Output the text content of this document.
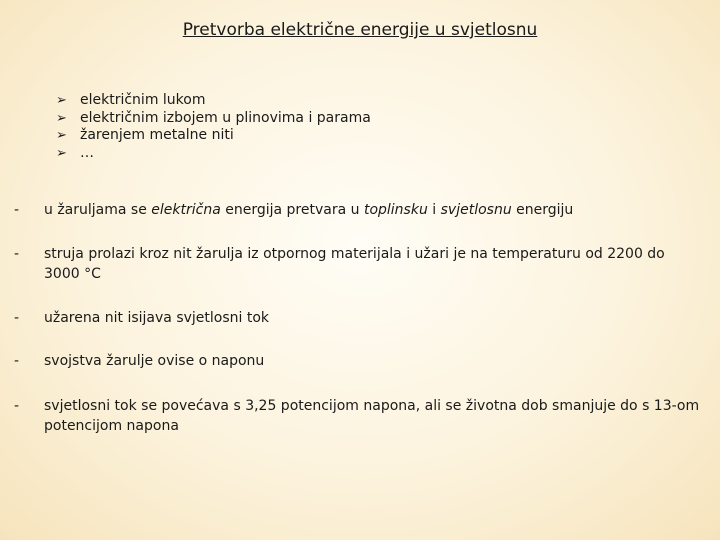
Pretvorba električne energije u svjetlosnu
➢ električnim lukom
➢ električnim izbojem u plinovima i parama
➢ žarenjem metalne niti
➢ …
-	u žaruljama se električna energija pretvara u toplinsku i svjetlosnu energiju
-	struja prolazi kroz nit žarulja iz otpornog materijala i užari je na temperaturu od 2200 do 3000 °C
-	užarena nit isijava svjetlosni tok
-	svojstva žarulje ovise o naponu
-	svjetlosni tok se povećava s 3,25 potencijom napona, ali se životna dob smanjuje do s 13-om potencijom napona
